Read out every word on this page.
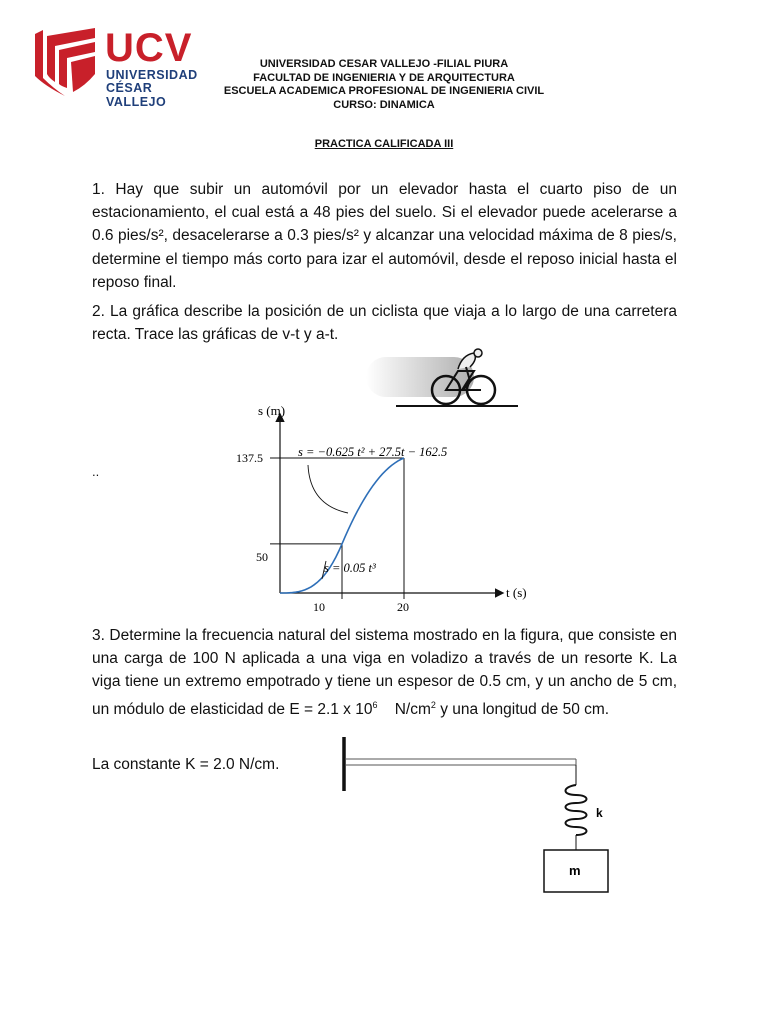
UCV
UNIVERSIDAD
CÉSAR VALLEJO
UNIVERSIDAD CESAR VALLEJO -FILIAL PIURA
FACULTAD DE INGENIERIA Y DE ARQUITECTURA
ESCUELA ACADEMICA PROFESIONAL DE INGENIERIA CIVIL
CURSO: DINAMICA
PRACTICA CALIFICADA III
1. Hay que subir un automóvil por un elevador hasta el cuarto piso de un estacionamiento, el cual está a 48 pies del suelo. Si el elevador puede acelerarse a 0.6 pies/s², desacelerarse a 0.3 pies/s² y alcanzar una velocidad máxima de 8 pies/s, determine el tiempo más corto para izar el automóvil, desde el reposo inicial hasta el reposo final.
2. La gráfica describe la posición de un ciclista que viaja a lo largo de una carretera recta. Trace las gráficas de v-t y a-t.
..
s (m)
t (s)
137.5
50
10	20
s = −0.625 t² + 27.5t − 162.5
s = 0.05 t³
3. Determine la frecuencia natural del sistema mostrado en la figura, que consiste en una carga de 100 N aplicada a una viga en voladizo a través de un resorte K. La viga tiene un extremo empotrado y tiene un espesor de 0.5 cm, y un ancho de 5 cm, un módulo de elasticidad de E = 2.1 x $10^6$ $N/cm^2$ y una longitud de 50 cm.
La constante K = 2.0 N/cm.
k
m
